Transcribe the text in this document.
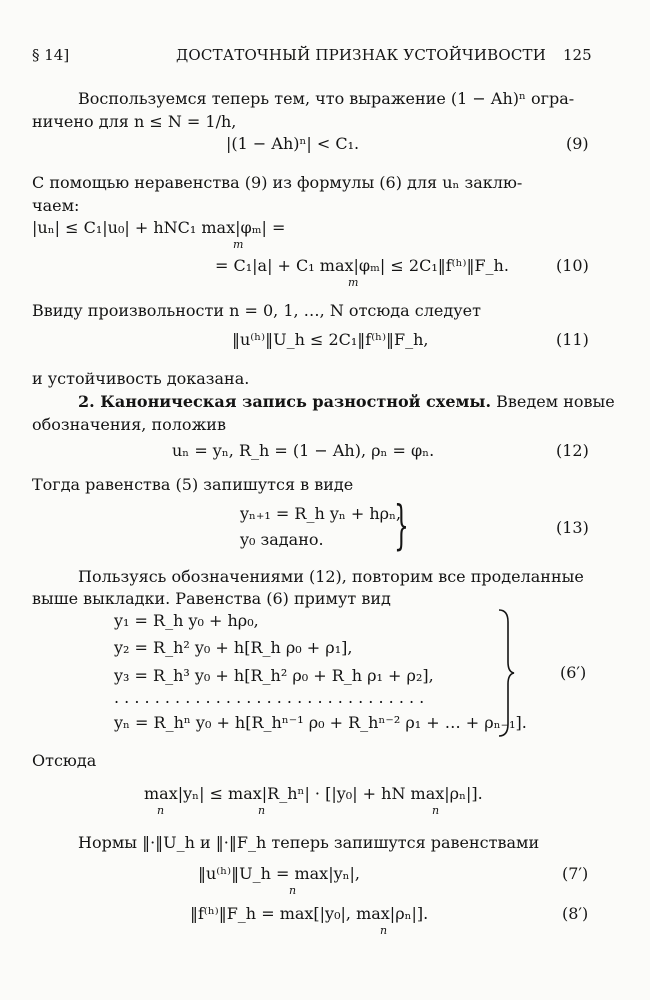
§ 14]	ДОСТАТОЧНЫЙ ПРИЗНАК УСТОЙЧИВОСТИ 125
Воспользуемся теперь тем, что выражение (1 − Ah)ⁿ огра-
ничено для n ≤ N = 1/h,
|(1 − Ah)ⁿ| < C₁.	(9)
С помощью неравенства (9) из формулы (6) для uₙ заклю-
чаем:
|uₙ| ≤ C₁|u₀| + hNC₁ max|φₘ| =
m
= C₁|a| + C₁ max|φₘ| ≤ 2C₁‖f⁽ʰ⁾‖F_h.
m
(10)
Ввиду произвольности n = 0, 1, …, N отсюда следует
‖u⁽ʰ⁾‖U_h ≤ 2C₁‖f⁽ʰ⁾‖F_h,	(11)
и устойчивость доказана.
2. Каноническая запись разностной схемы. Введем новые
обозначения, положив
uₙ = yₙ, R_h = (1 − Ah), ρₙ = φₙ.	(12)
Тогда равенства (5) запишутся в виде
yₙ₊₁ = R_h yₙ + hρₙ,
y₀ задано. }	(13)
Пользуясь обозначениями (12), повторим все проделанные
выше выкладки. Равенства (6) примут вид
y₁ = R_h y₀ + hρ₀,
y₂ = R_h² y₀ + h[R_h ρ₀ + ρ₁],
y₃ = R_h³ y₀ + h[R_h² ρ₀ + R_h ρ₁ + ρ₂],
. . . . . . . . . . . . . . . . . . . . . . . . . . . . . . .
yₙ = R_hⁿ y₀ + h[R_hⁿ⁻¹ ρ₀ + R_hⁿ⁻² ρ₁ + … + ρₙ₋₁].
(6′)
Отсюда
max|yₙ| ≤ max|R_hⁿ| · [|y₀| + hN max|ρₙ|].
n	n	n
Нормы ‖·‖U_h и ‖·‖F_h теперь запишутся равенствами
‖u⁽ʰ⁾‖U_h = max|yₙ|,
n
(7′)
‖f⁽ʰ⁾‖F_h = max[|y₀|, max|ρₙ|].
n
(8′)
